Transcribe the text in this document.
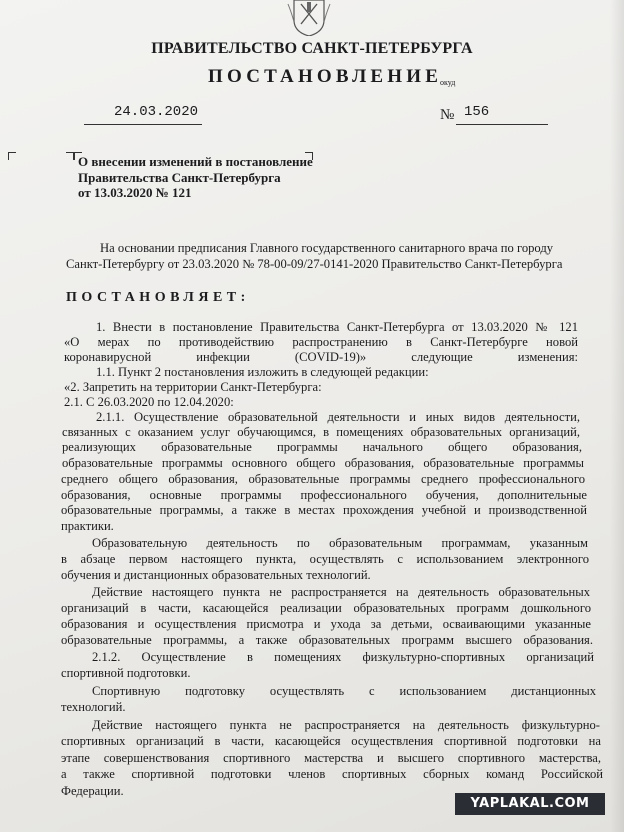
ПРАВИТЕЛЬСТВО САНКТ-ПЕТЕРБУРГА
ПОСТАНОВЛЕНИЕ
окуд
24.03.2020	№ 156
О внесении изменений в постановление
Правительства Санкт-Петербурга
от 13.03.2020 № 121
На основании предписания Главного государственного санитарного врача по городу
Санкт-Петербургу от 23.03.2020 № 78-00-09/27-0141-2020 Правительство Санкт-Петербурга
ПОСТАНОВЛЯЕТ:
1. Внести в постановление Правительства Санкт-Петербурга от 13.03.2020 № 121
«О мерах по противодействию распространению в Санкт-Петербурге новой
коронавирусной инфекции (COVID-19)» следующие изменения:
1.1. Пункт 2 постановления изложить в следующей редакции:
«2. Запретить на территории Санкт-Петербурга:
2.1. С 26.03.2020 по 12.04.2020:
2.1.1. Осуществление образовательной деятельности и иных видов деятельности,
связанных с оказанием услуг обучающимся, в помещениях образовательных организаций,
реализующих образовательные программы начального общего образования,
образовательные программы основного общего образования, образовательные программы
среднего общего образования, образовательные программы среднего профессионального
образования, основные программы профессионального обучения, дополнительные
образовательные программы, а также в местах прохождения учебной и производственной
практики.
Образовательную деятельность по образовательным программам, указанным
в абзаце первом настоящего пункта, осуществлять с использованием электронного
обучения и дистанционных образовательных технологий.
Действие настоящего пункта не распространяется на деятельность образовательных
организаций в части, касающейся реализации образовательных программ дошкольного
образования и осуществления присмотра и ухода за детьми, осваивающими указанные
образовательные программы, а также образовательных программ высшего образования.
2.1.2. Осуществление в помещениях физкультурно-спортивных организаций
спортивной подготовки.
Спортивную подготовку осуществлять с использованием дистанционных
технологий.
Действие настоящего пункта не распространяется на деятельность физкультурно-
спортивных организаций в части, касающейся осуществления спортивной подготовки на
этапе совершенствования спортивного мастерства и высшего спортивного мастерства,
а также спортивной подготовки членов спортивных сборных команд Российской
Федерации.
YAPLAKAL.COM
